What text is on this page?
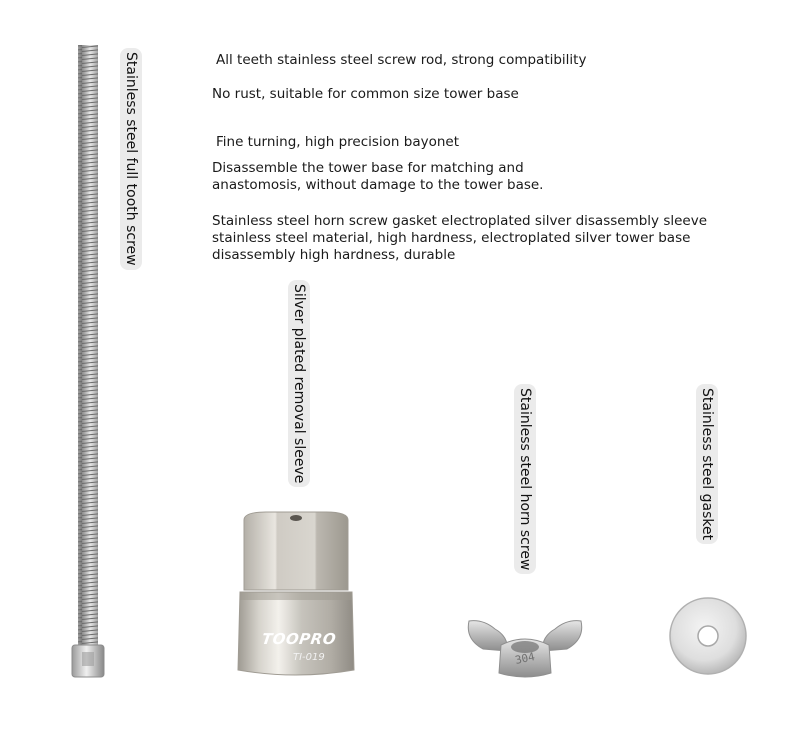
All teeth stainless steel screw rod, strong compatibility

No rust, suitable for common size tower base

Fine turning, high precision bayonet

Disassemble the tower base for matching and

anastomosis, without damage to the tower base.

Stainless steel horn screw gasket electroplated silver disassembly sleeve

stainless steel material, high hardness, electroplated silver tower base

disassembly high hardness, durable

Stainless steel full tooth screw
Silver plated removal sleeve	Stainless steel horn screw	Stainless steel gasket
TOOPRO
TI-019	304
